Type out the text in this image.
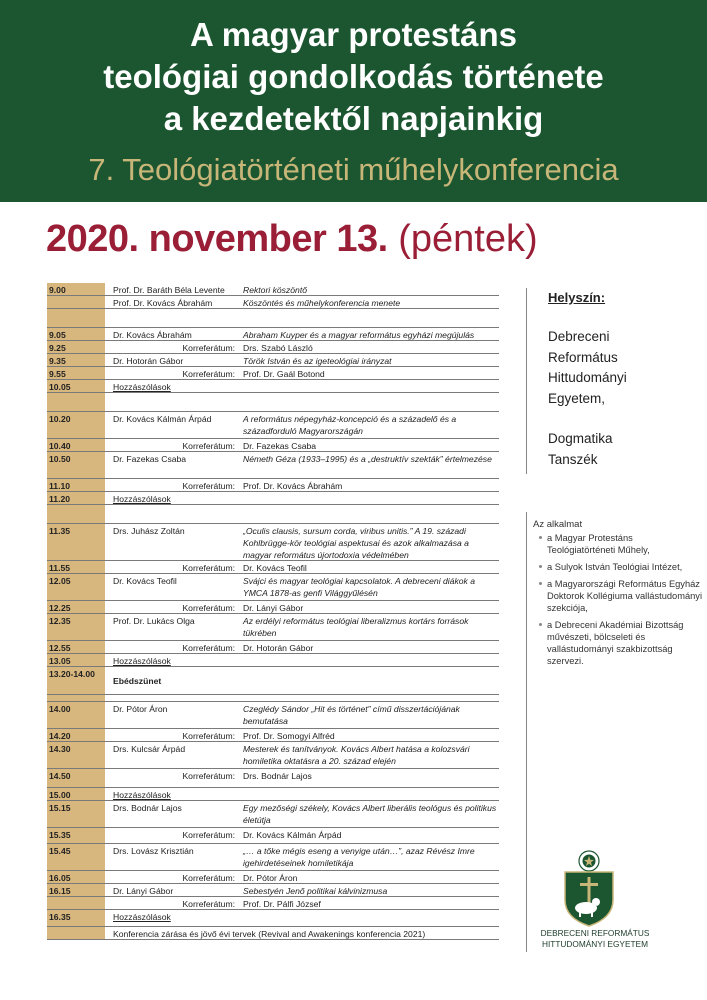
A magyar protestáns
teológiai gondolkodás története
a kezdetektől napjainkig
7. Teológiatörténeti műhelykonferencia
2020. november 13. (péntek)
9.00	Prof. Dr. Baráth Béla Levente	Rektori köszöntő
Prof. Dr. Kovács Ábrahám	Köszöntés és műhelykonferencia menete
9.05	Dr. Kovács Ábrahám	Abraham Kuyper és a magyar református egyházi megújulás
9.25	Korreferátum: Drs. Szabó László
9.35	Dr. Hotorán Gábor	Török István és az igeteológiai irányzat
9.55	Korreferátum: Prof. Dr. Gaál Botond
10.05	Hozzászólások
10.20	Dr. Kovács Kálmán Árpád	A református népegyház-koncepció és a századelő és a századforduló Magyarországán
10.40	Korreferátum: Dr. Fazekas Csaba
10.50	Dr. Fazekas Csaba	Németh Géza (1933–1995) és a „destruktív szekták” értelmezése
11.10	Korreferátum: Prof. Dr. Kovács Ábrahám
11.20	Hozzászólások
11.35	Drs. Juhász Zoltán	„Oculis clausis, sursum corda, viribus unitis.” A 19. századi Kohlbrügge-kör teológiai aspektusai és azok alkalmazása a magyar református újortodoxia védelmében
11.55	Korreferátum: Dr. Kovács Teofil
12.05	Dr. Kovács Teofil	Svájci és magyar teológiai kapcsolatok. A debreceni diákok a YMCA 1878-as genfi Világgyűlésén
12.25	Korreferátum: Dr. Lányi Gábor
12.35	Prof. Dr. Lukács Olga	Az erdélyi református teológiai liberalizmus kortárs források tükrében
12.55	Korreferátum: Dr. Hotorán Gábor
13.05	Hozzászólások
13.20-14.00
Ebédszünet
14.00	Dr. Pótor Áron	Czeglédy Sándor „Hit és történet” című disszertációjának bemutatása
14.20	Korreferátum: Prof. Dr. Somogyi Alfréd
14.30	Drs. Kulcsár Árpád	Mesterek és tanítványok. Kovács Albert hatása a kolozsvári homiletika oktatásra a 20. század elején
14.50	Korreferátum: Drs. Bodnár Lajos
15.00	Hozzászólások
15.15	Drs. Bodnár Lajos	Egy mezőségi székely, Kovács Albert liberális teológus és politikus életútja
15.35	Korreferátum: Dr. Kovács Kálmán Árpád
15.45	Drs. Lovász Krisztián	„… a tőke mégis eseng a venyige után…”, azaz Révész Imre igehirdetéseinek homiletikája
16.05	Korreferátum: Dr. Pótor Áron
16.15	Dr. Lányi Gábor	Sebestyén Jenő politikai kálvinizmusa
Korreferátum: Prof. Dr. Pálfi József
16.35	Hozzászólások
Konferencia zárása és jövő évi tervek (Revival and Awakenings konferencia 2021)
Helyszín:
Debreceni
Református
Hittudományi
Egyetem,
Dogmatika
Tanszék
Az alkalmat
a Magyar Protestáns Teológiatörténeti Műhely,
a Sulyok István Teológiai Intézet,
a Magyarországi Református Egyház Doktorok Kollégiuma vallástudományi szekciója,
a Debreceni Akadémiai Bizottság művészeti, bölcseleti és vallástudományi szakbizottság szervezi.
DEBRECENI REFORMÁTUS
HITTUDOMÁNYI EGYETEM
